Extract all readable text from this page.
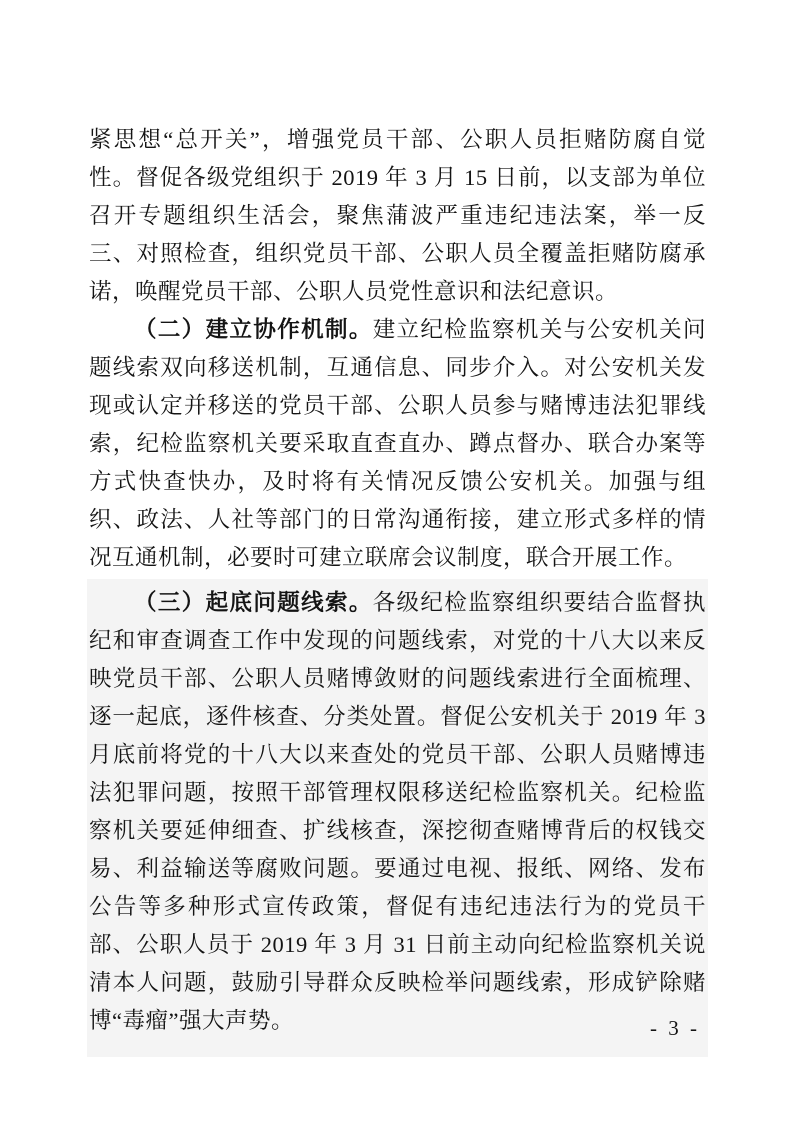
紧思想“总开关”，增强党员干部、公职人员拒赌防腐自觉性。督促各级党组织于 2019 年 3 月 15 日前，以支部为单位召开专题组织生活会，聚焦蒲波严重违纪违法案，举一反三、对照检查，组织党员干部、公职人员全覆盖拒赌防腐承诺，唤醒党员干部、公职人员党性意识和法纪意识。

（二）建立协作机制。建立纪检监察机关与公安机关问题线索双向移送机制，互通信息、同步介入。对公安机关发现或认定并移送的党员干部、公职人员参与赌博违法犯罪线索，纪检监察机关要采取直查直办、蹲点督办、联合办案等方式快查快办，及时将有关情况反馈公安机关。加强与组织、政法、人社等部门的日常沟通衔接，建立形式多样的情况互通机制，必要时可建立联席会议制度，联合开展工作。

（三）起底问题线索。各级纪检监察组织要结合监督执纪和审查调查工作中发现的问题线索，对党的十八大以来反映党员干部、公职人员赌博敛财的问题线索进行全面梳理、逐一起底，逐件核查、分类处置。督促公安机关于 2019 年 3 月底前将党的十八大以来查处的党员干部、公职人员赌博违法犯罪问题，按照干部管理权限移送纪检监察机关。纪检监察机关要延伸细查、扩线核查，深挖彻查赌博背后的权钱交易、利益输送等腐败问题。要通过电视、报纸、网络、发布公告等多种形式宣传政策，督促有违纪违法行为的党员干部、公职人员于 2019 年 3 月 31 日前主动向纪检监察机关说清本人问题，鼓励引导群众反映检举问题线索，形成铲除赌博“毒瘤”强大声势。	- 3 -
